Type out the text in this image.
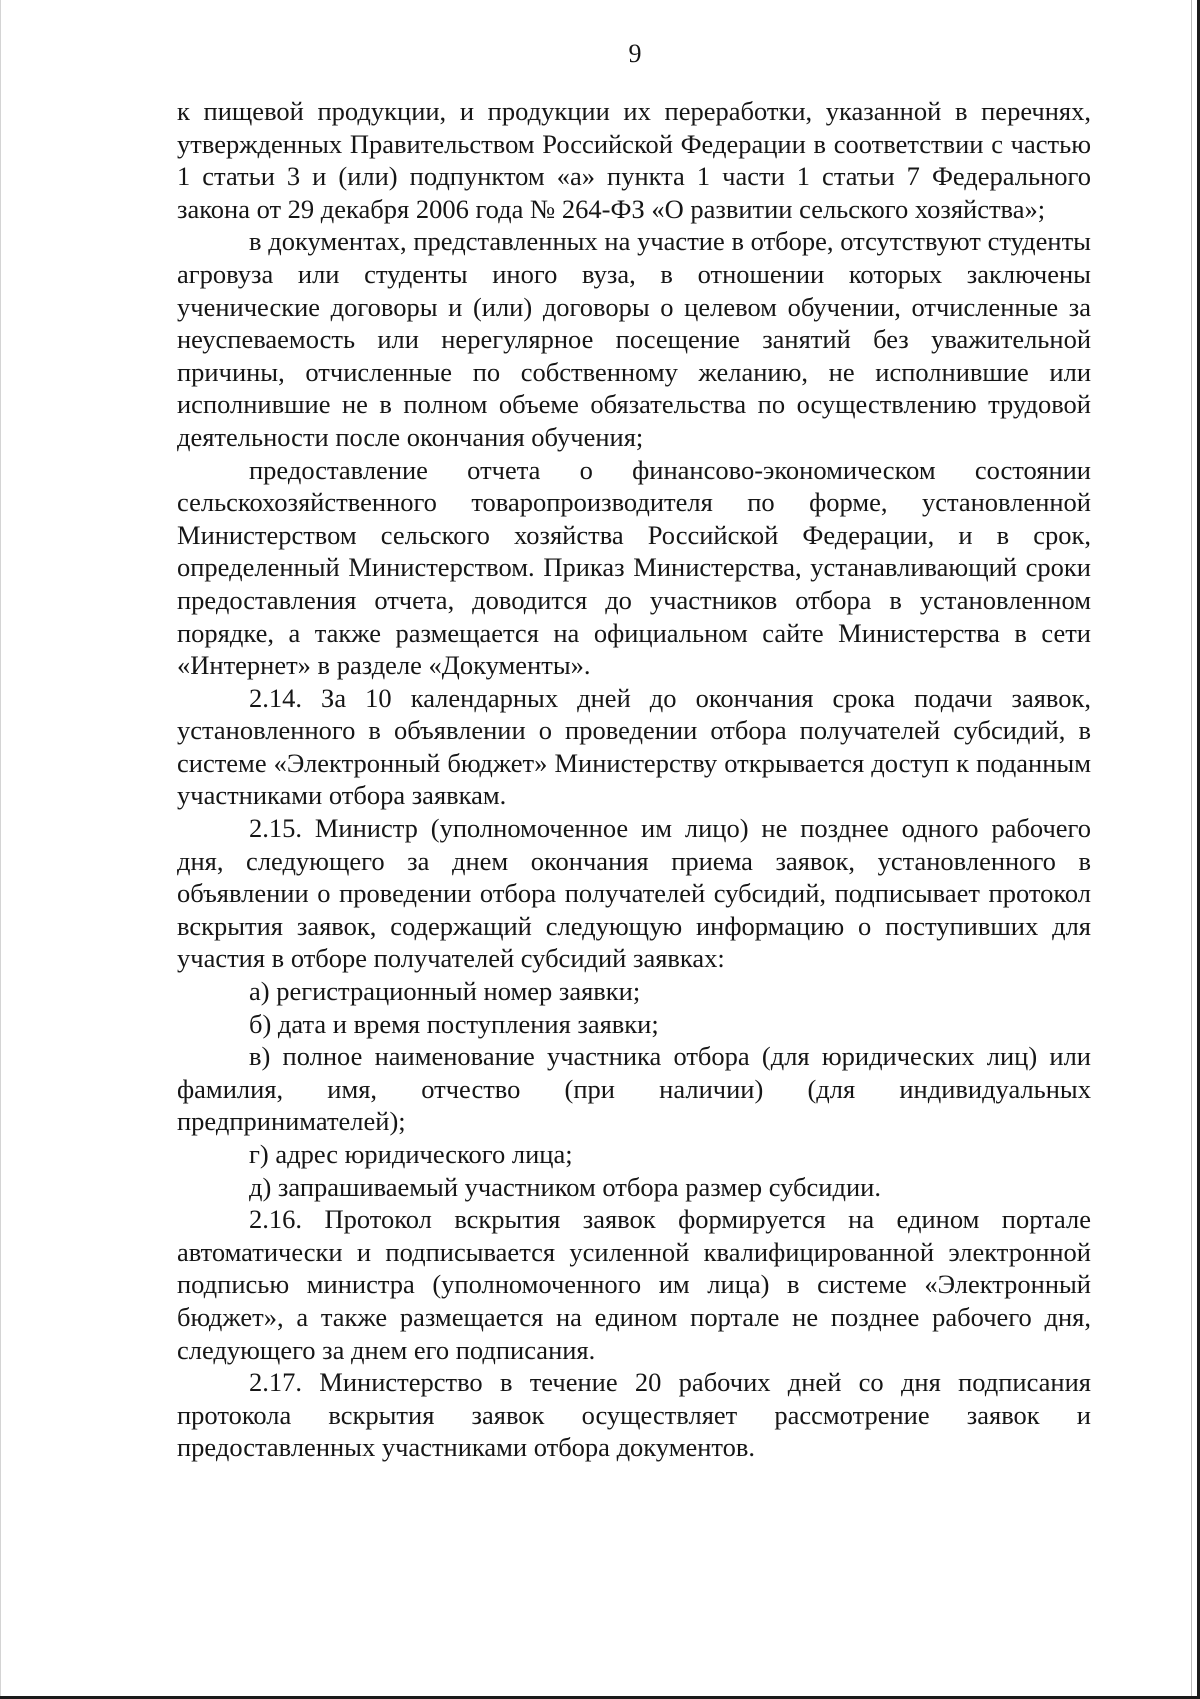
9

к пищевой продукции, и продукции их переработки, указанной в перечнях, утвержденных Правительством Российской Федерации в соответствии с частью 1 статьи 3 и (или) подпунктом «а» пункта 1 части 1 статьи 7 Федерального закона от 29 декабря 2006 года № 264-ФЗ «О развитии сельского хозяйства»;

в документах, представленных на участие в отборе, отсутствуют студенты агровуза или студенты иного вуза, в отношении которых заключены ученические договоры и (или) договоры о целевом обучении, отчисленные за неуспеваемость или нерегулярное посещение занятий без уважительной причины, отчисленные по собственному желанию, не исполнившие или исполнившие не в полном объеме обязательства по осуществлению трудовой деятельности после окончания обучения;

предоставление отчета о финансово-экономическом состоянии сельскохозяйственного товаропроизводителя по форме, установленной Министерством сельского хозяйства Российской Федерации, и в срок, определенный Министерством. Приказ Министерства, устанавливающий сроки предоставления отчета, доводится до участников отбора в установленном порядке, а также размещается на официальном сайте Министерства в сети «Интернет» в разделе «Документы».

2.14. За 10 календарных дней до окончания срока подачи заявок, установленного в объявлении о проведении отбора получателей субсидий, в системе «Электронный бюджет» Министерству открывается доступ к поданным участниками отбора заявкам.

2.15. Министр (уполномоченное им лицо) не позднее одного рабочего дня, следующего за днем окончания приема заявок, установленного в объявлении о проведении отбора получателей субсидий, подписывает протокол вскрытия заявок, содержащий следующую информацию о поступивших для участия в отборе получателей субсидий заявках:

а) регистрационный номер заявки;

б) дата и время поступления заявки;

в) полное наименование участника отбора (для юридических лиц) или фамилия, имя, отчество (при наличии) (для индивидуальных предпринимателей);

г) адрес юридического лица;

д) запрашиваемый участником отбора размер субсидии.

2.16. Протокол вскрытия заявок формируется на едином портале автоматически и подписывается усиленной квалифицированной электронной подписью министра (уполномоченного им лица) в системе «Электронный бюджет», а также размещается на едином портале не позднее рабочего дня, следующего за днем его подписания.

2.17. Министерство в течение 20 рабочих дней со дня подписания протокола вскрытия заявок осуществляет рассмотрение заявок и предоставленных участниками отбора документов.
